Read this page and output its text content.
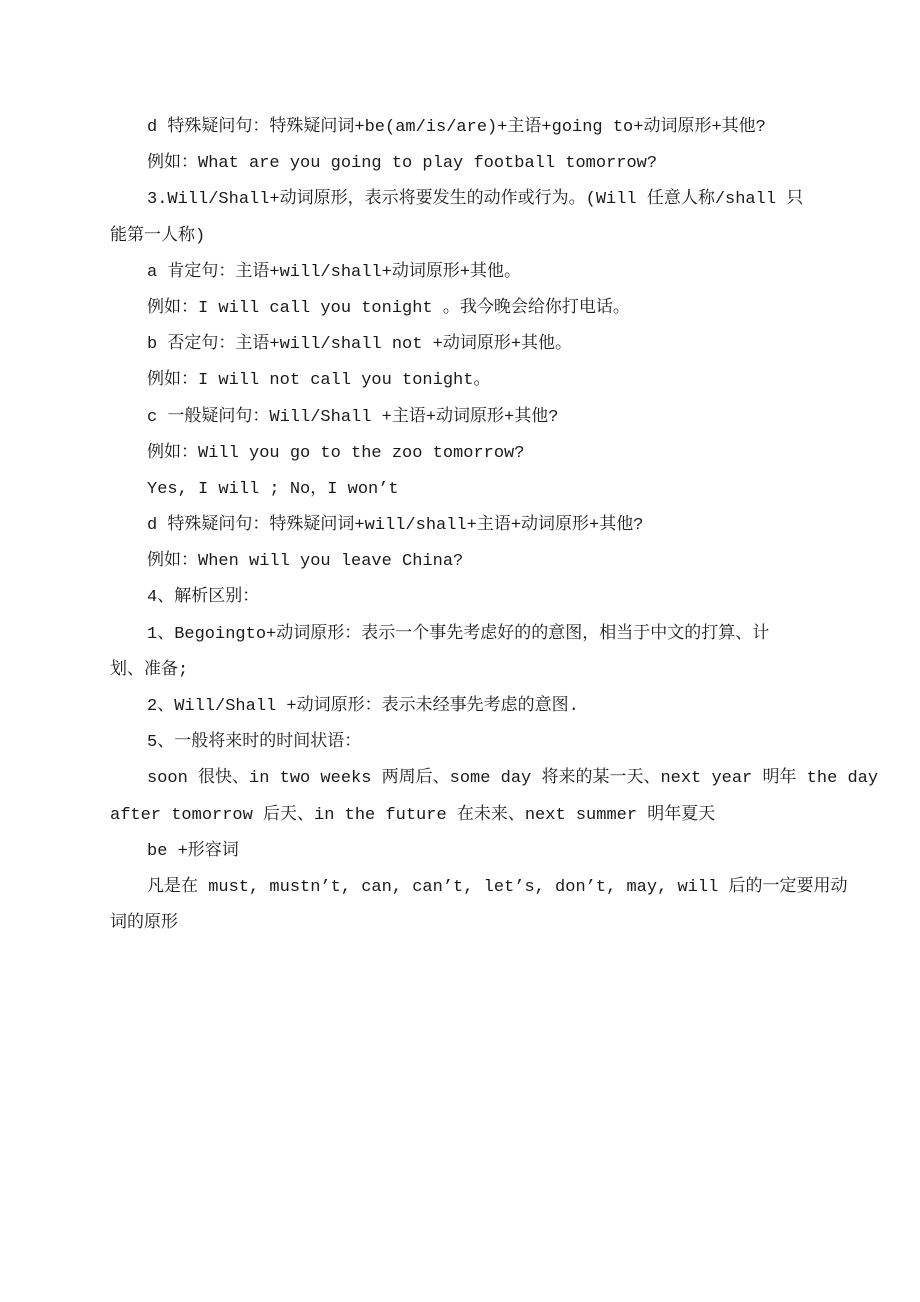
d 特殊疑问句：特殊疑问词+be(am/is/are)+主语+going to+动词原形+其他?
例如：What are you going to play football tomorrow?
3.Will/Shall+动词原形，表示将要发生的动作或行为。(Will 任意人称/shall 只
能第一人称)
a 肯定句：主语+will/shall+动词原形+其他。
例如：I will call you tonight 。我今晚会给你打电话。
b 否定句：主语+will/shall not +动词原形+其他。
例如：I will not call you tonight。
c 一般疑问句：Will/Shall +主语+动词原形+其他?
例如：Will you go to the zoo tomorrow?
Yes, I will ; No，I won’t
d 特殊疑问句：特殊疑问词+will/shall+主语+动词原形+其他?
例如：When will you leave China?
4、解析区别：
1、Begoingto+动词原形：表示一个事先考虑好的的意图，相当于中文的打算、计
划、准备;
2、Will/Shall +动词原形：表示未经事先考虑的意图.
5、一般将来时的时间状语：
soon 很快、in two weeks 两周后、some day 将来的某一天、next year 明年 the day
after tomorrow 后天、in the future 在未来、next summer 明年夏天
be +形容词
凡是在 must, mustn’t, can, can’t, let’s, don’t, may, will 后的一定要用动
词的原形
